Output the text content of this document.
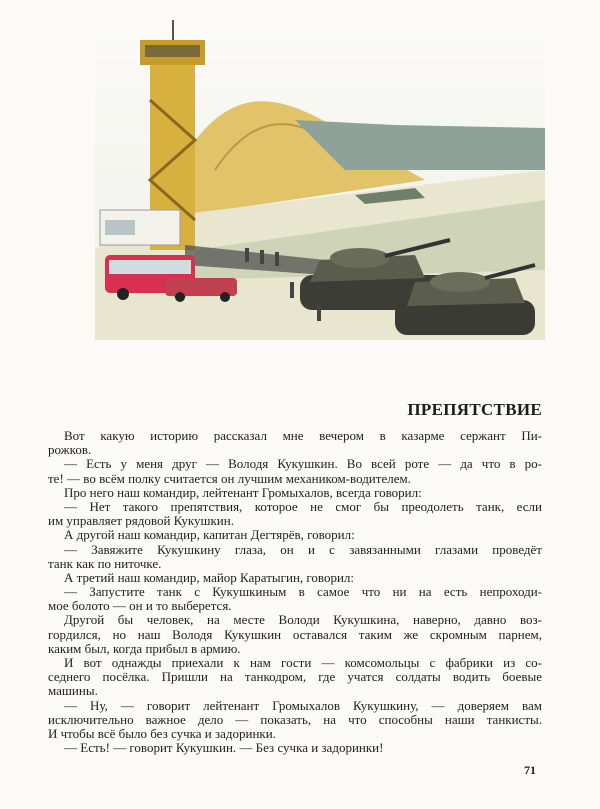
ПРЕПЯТСТВИЕ
Вот какую историю рассказал мне вечером в казарме сержант Пи-
рожков.
— Есть у меня друг — Володя Кукушкин. Во всей роте — да что в ро-
те! — во всём полку считается он лучшим механиком-водителем.
Про него наш командир, лейтенант Громыхалов, всегда говорил:
— Нет такого препятствия, которое не смог бы преодолеть танк, если
им управляет рядовой Кукушкин.
А другой наш командир, капитан Дегтярёв, говорил:
— Завяжите Кукушкину глаза, он и с завязанными глазами проведёт
танк как по ниточке.
А третий наш командир, майор Каратыгин, говорил:
— Запустите танк с Кукушкиным в самое что ни на есть непроходи-
мое болото — он и то выберется.
Другой бы человек, на месте Володи Кукушкина, наверно, давно воз-
гордился, но наш Володя Кукушкин оставался таким же скромным парнем,
каким был, когда прибыл в армию.
И вот однажды приехали к нам гости — комсомольцы с фабрики из со-
седнего посёлка. Пришли на танкодром, где учатся солдаты водить боевые
машины.
— Ну, — говорит лейтенант Громыхалов Кукушкину, — доверяем вам
исключительно важное дело — показать, на что способны наши танкисты.
И чтобы всё было без сучка и задоринки.
— Есть! — говорит Кукушкин. — Без сучка и задоринки!
71
